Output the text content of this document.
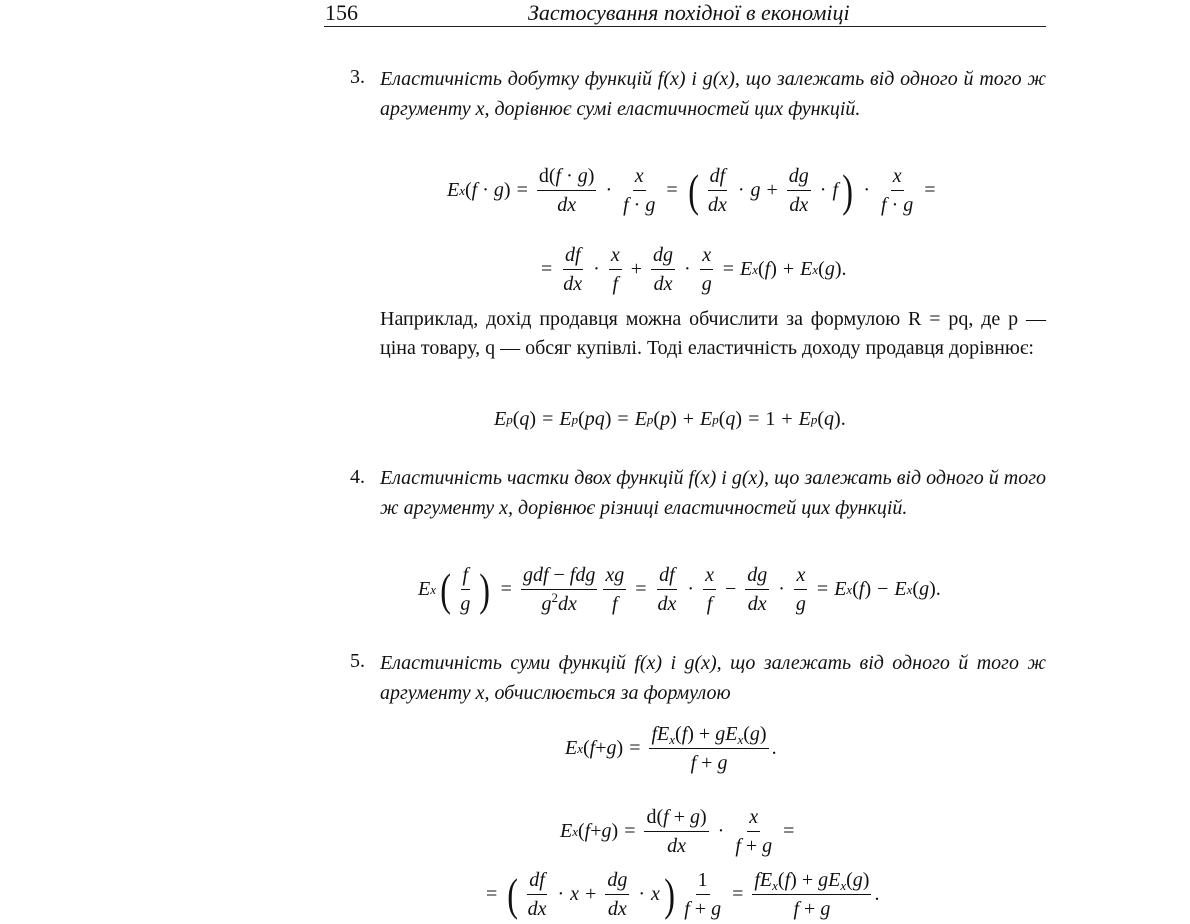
156	Застосування похідної в економіці
3. Еластичність добутку функцій f(x) і g(x), що залежать від одного й того ж аргументу x, дорівнює сумі еластичностей цих функцій.
E x $(f \cdot g) = \frac{d(f \cdot g)}{dx} \cdot \frac{x}{f \cdot g}$ = ( $\frac{df}{dx} \cdot g + \frac{dg}{dx} \cdot f$ ) · $\frac{x}{f \cdot g}$ =
= $\frac{df}{dx} \cdot \frac{x}{f} + \frac{dg}{dx} \cdot \frac{x}{g} = E$ x ( f ) + E x ( g ).
Наприклад, дохід продавця можна обчислити за формулою R = pq, де p — ціна товару, q — обсяг купівлі. Тоді еластичність доходу продавця дорівнює:
E p ( q ) = E p ( pq ) = E p ( p ) + E p ( q ) = 1 + E p ( q ).
4. Еластичність частки двох функцій f(x) і g(x), що залежать від одного й того ж аргументу x, дорівнює різниці еластичностей цих функцій.
E x ( $\frac{f}{g}$ ) = $\frac{\text{gdf − fdg}}{g^2dx} \frac{xg}{f} = \frac{df}{dx} \cdot \frac{x}{f} - \frac{dg}{dx} \cdot \frac{x}{g} = E$ x ( f ) − E x ( g ).
5. Еластичність суми функцій f(x) і g(x), що залежать від одного й того ж аргументу x, обчислюється за формулою
E x ( f + g ) = $\frac{fE_x(f) + gE_x(g)}{f + g}$ .
E x ( f + g ) = $\frac{d(f + g)}{dx} \cdot \frac{x}{f + g}$ =
= ( $\frac{df}{dx} \cdot x + \frac{dg}{dx} \cdot x$ ) $\frac{1}{f + g} = \frac{fE_x(f) + gE_x(g)}{f + g}$ .
